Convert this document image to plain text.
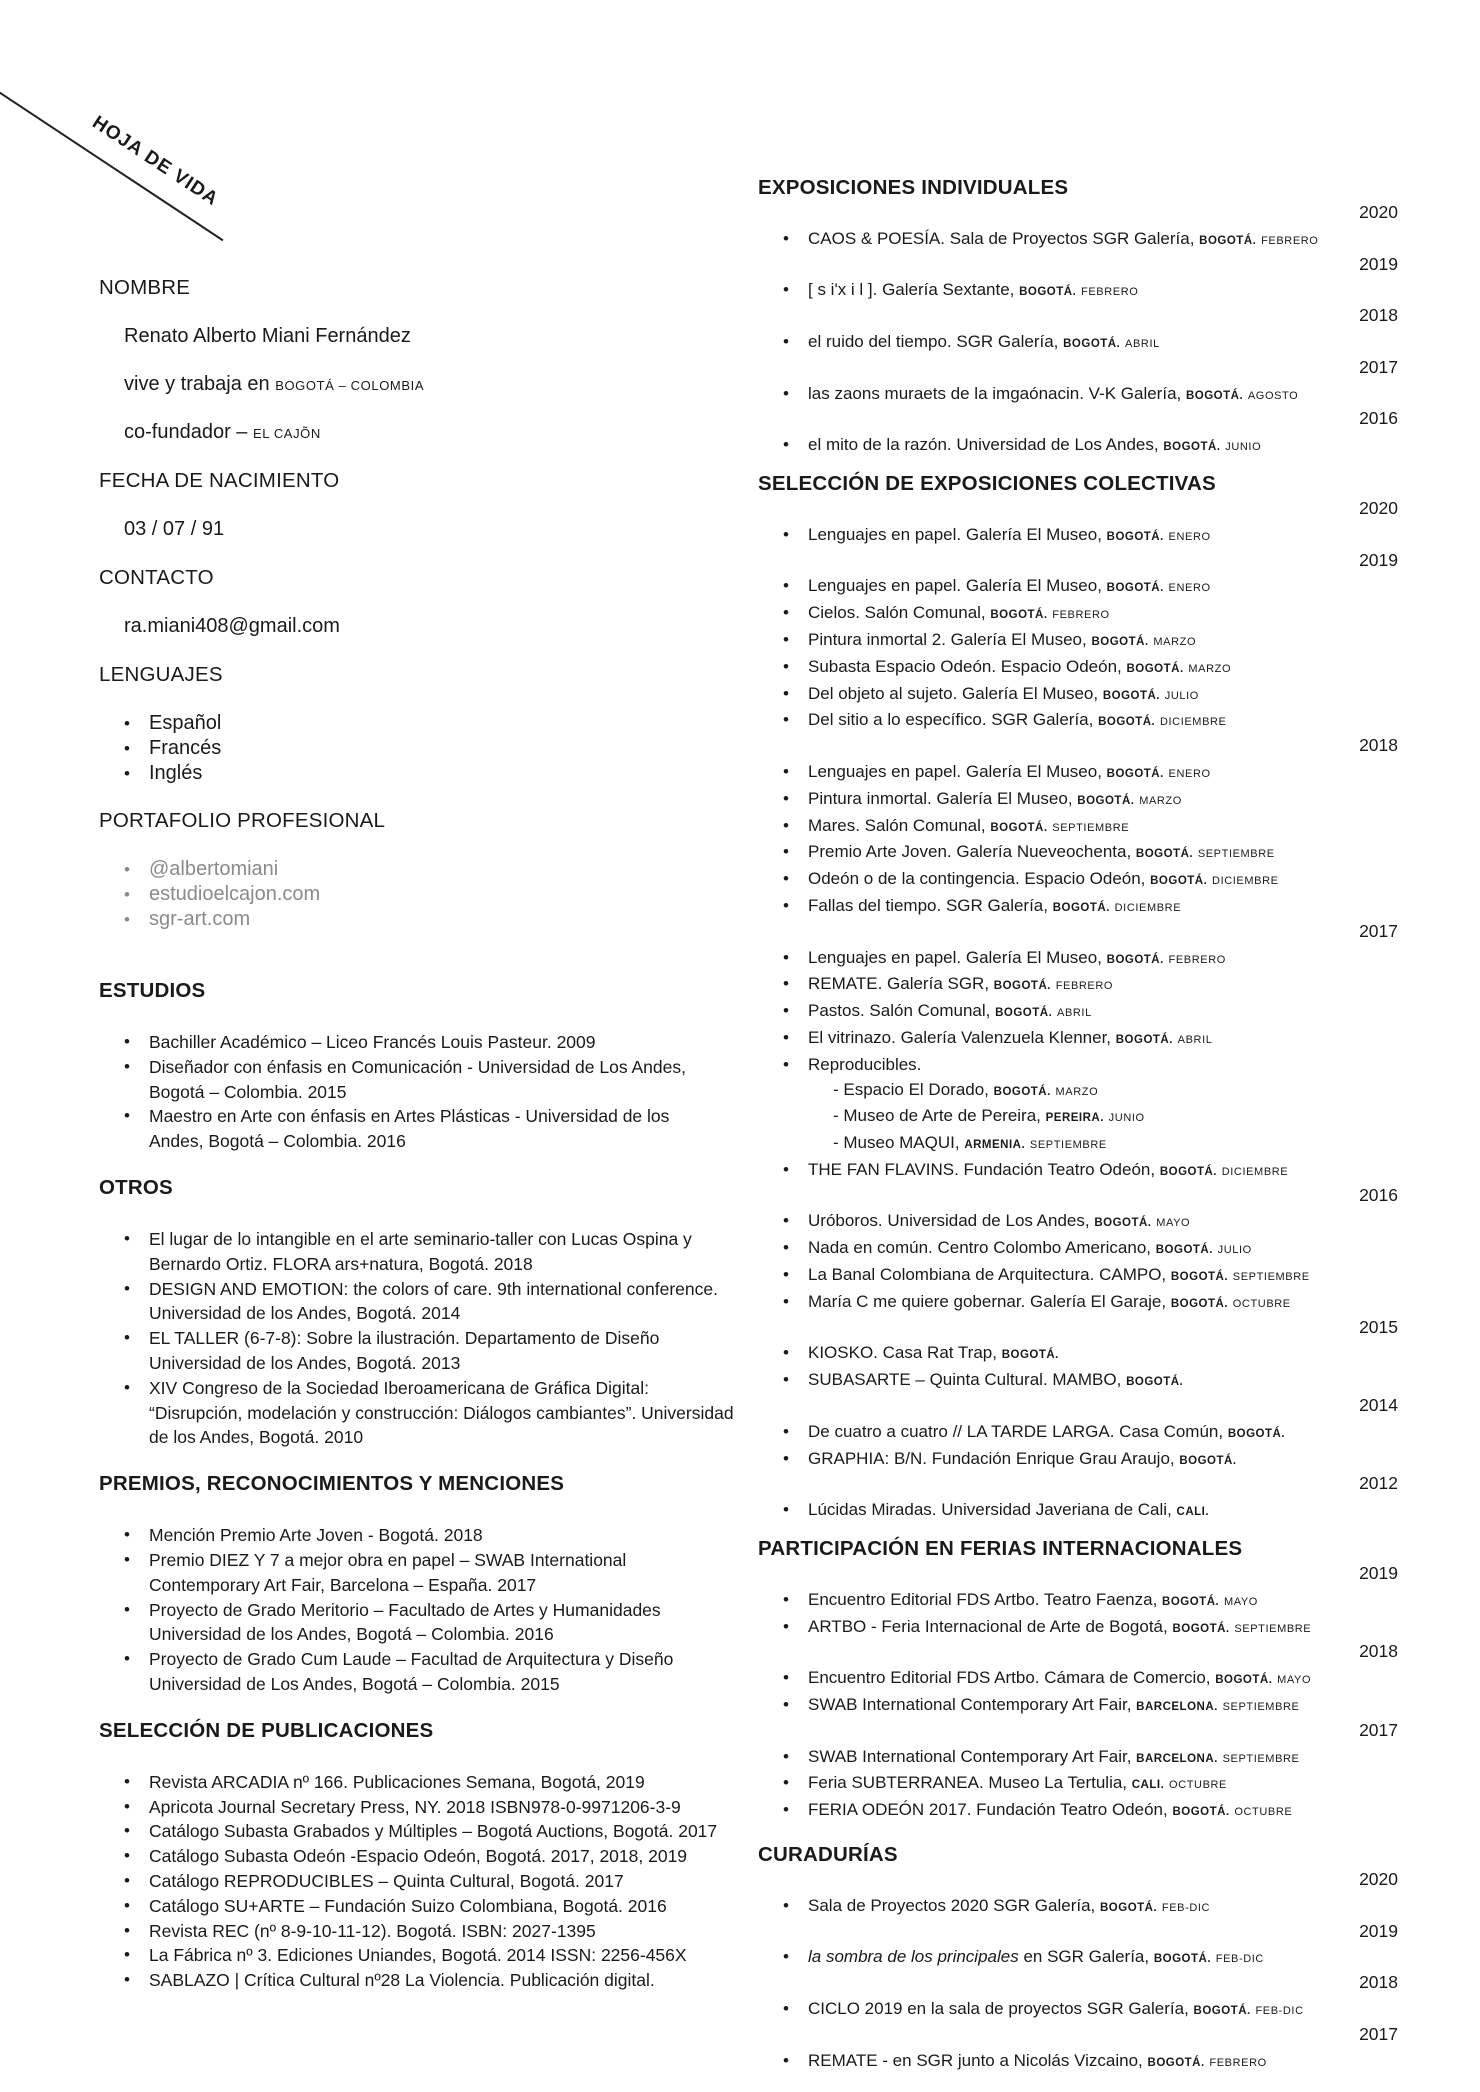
HOJA DE VIDA
NOMBRE
Renato Alberto Miani Fernández
vive y trabaja en BOGOTÁ – COLOMBIA
co-fundador – EL CAJÕN
FECHA DE NACIMIENTO
03 / 07 / 91
CONTACTO
ra.miani408@gmail.com
LENGUAJES
• Español
• Francés
• Inglés
PORTAFOLIO PROFESIONAL
• @albertomiani
• estudioelcajon.com
• sgr-art.com
ESTUDIOS
• Bachiller Académico – Liceo Francés Louis Pasteur. 2009
• Diseñador con énfasis en Comunicación - Universidad de Los Andes, Bogotá – Colombia. 2015
• Maestro en Arte con énfasis en Artes Plásticas - Universidad de los Andes, Bogotá – Colombia. 2016
OTROS
• El lugar de lo intangible en el arte seminario-taller con Lucas Ospina y Bernardo Ortiz. FLORA ars+natura, Bogotá. 2018
• DESIGN AND EMOTION: the colors of care. 9th international conference. Universidad de los Andes, Bogotá. 2014
• EL TALLER (6-7-8): Sobre la ilustración. Departamento de Diseño Universidad de los Andes, Bogotá. 2013
• XIV Congreso de la Sociedad Iberoamericana de Gráfica Digital: “Disrupción, modelación y construcción: Diálogos cambiantes”. Universidad de los Andes, Bogotá. 2010
PREMIOS, RECONOCIMIENTOS Y MENCIONES
• Mención Premio Arte Joven - Bogotá. 2018
• Premio DIEZ Y 7 a mejor obra en papel – SWAB International Contemporary Art Fair, Barcelona – España. 2017
• Proyecto de Grado Meritorio – Facultado de Artes y Humanidades Universidad de los Andes, Bogotá – Colombia. 2016
• Proyecto de Grado Cum Laude – Facultad de Arquitectura y Diseño Universidad de Los Andes, Bogotá – Colombia. 2015
SELECCIÓN DE PUBLICACIONES
• Revista ARCADIA nº 166. Publicaciones Semana, Bogotá, 2019
• Apricota Journal Secretary Press, NY. 2018 ISBN978-0-9971206-3-9
• Catálogo Subasta Grabados y Múltiples – Bogotá Auctions, Bogotá. 2017
• Catálogo Subasta Odeón -Espacio Odeón, Bogotá. 2017, 2018, 2019
• Catálogo REPRODUCIBLES – Quinta Cultural, Bogotá. 2017
• Catálogo SU+ARTE – Fundación Suizo Colombiana, Bogotá. 2016
• Revista REC (nº 8-9-10-11-12). Bogotá. ISBN: 2027-1395
• La Fábrica nº 3. Ediciones Uniandes, Bogotá. 2014 ISSN: 2256-456X
• SABLAZO | Crítica Cultural nº28 La Violencia. Publicación digital.
EXPOSICIONES INDIVIDUALES
2020
• CAOS & POESÍA. Sala de Proyectos SGR Galería, BOGOTÁ. FEBRERO
2019
• [ s i'x i l ]. Galería Sextante, BOGOTÁ. FEBRERO
2018
• el ruido del tiempo. SGR Galería, BOGOTÁ. ABRIL
2017
• las zaons muraets de la imgaónacin. V-K Galería, BOGOTÁ. AGOSTO
2016
• el mito de la razón. Universidad de Los Andes, BOGOTÁ. JUNIO
SELECCIÓN DE EXPOSICIONES COLECTIVAS
2020
• Lenguajes en papel. Galería El Museo, BOGOTÁ. ENERO
2019
• Lenguajes en papel. Galería El Museo, BOGOTÁ. ENERO
• Cielos. Salón Comunal, BOGOTÁ. FEBRERO
• Pintura inmortal 2. Galería El Museo, BOGOTÁ. MARZO
• Subasta Espacio Odeón. Espacio Odeón, BOGOTÁ. MARZO
• Del objeto al sujeto. Galería El Museo, BOGOTÁ. JULIO
• Del sitio a lo específico. SGR Galería, BOGOTÁ. DICIEMBRE
2018
• Lenguajes en papel. Galería El Museo, BOGOTÁ. ENERO
• Pintura inmortal. Galería El Museo, BOGOTÁ. MARZO
• Mares. Salón Comunal, BOGOTÁ. SEPTIEMBRE
• Premio Arte Joven. Galería Nueveochenta, BOGOTÁ. SEPTIEMBRE
• Odeón o de la contingencia. Espacio Odeón, BOGOTÁ. DICIEMBRE
• Fallas del tiempo. SGR Galería, BOGOTÁ. DICIEMBRE
2017
• Lenguajes en papel. Galería El Museo, BOGOTÁ. FEBRERO
• REMATE. Galería SGR, BOGOTÁ. FEBRERO
• Pastos. Salón Comunal, BOGOTÁ. ABRIL
• El vitrinazo. Galería Valenzuela Klenner, BOGOTÁ. ABRIL
• Reproducibles.
- Espacio El Dorado, BOGOTÁ. MARZO
- Museo de Arte de Pereira, PEREIRA. JUNIO
- Museo MAQUI, ARMENIA. SEPTIEMBRE
• THE FAN FLAVINS. Fundación Teatro Odeón, BOGOTÁ. DICIEMBRE
2016
• Uróboros. Universidad de Los Andes, BOGOTÁ. MAYO
• Nada en común. Centro Colombo Americano, BOGOTÁ. JULIO
• La Banal Colombiana de Arquitectura. CAMPO, BOGOTÁ. SEPTIEMBRE
• María C me quiere gobernar. Galería El Garaje, BOGOTÁ. OCTUBRE
2015
• KIOSKO. Casa Rat Trap, BOGOTÁ.
• SUBASARTE – Quinta Cultural. MAMBO, BOGOTÁ.
2014
• De cuatro a cuatro // LA TARDE LARGA. Casa Común, BOGOTÁ.
• GRAPHIA: B/N. Fundación Enrique Grau Araujo, BOGOTÁ.
2012
• Lúcidas Miradas. Universidad Javeriana de Cali, CALI.
PARTICIPACIÓN EN FERIAS INTERNACIONALES
2019
• Encuentro Editorial FDS Artbo. Teatro Faenza, BOGOTÁ. MAYO
• ARTBO - Feria Internacional de Arte de Bogotá, BOGOTÁ. SEPTIEMBRE
2018
• Encuentro Editorial FDS Artbo. Cámara de Comercio, BOGOTÁ. MAYO
• SWAB International Contemporary Art Fair, BARCELONA. SEPTIEMBRE
2017
• SWAB International Contemporary Art Fair, BARCELONA. SEPTIEMBRE
• Feria SUBTERRANEA. Museo La Tertulia, CALI. OCTUBRE
• FERIA ODEÓN 2017. Fundación Teatro Odeón, BOGOTÁ. OCTUBRE
CURADURÍAS
2020
• Sala de Proyectos 2020 SGR Galería, BOGOTÁ. FEB-DIC
2019
• la sombra de los principales en SGR Galería, BOGOTÁ. FEB-DIC
2018
• CICLO 2019 en la sala de proyectos SGR Galería, BOGOTÁ. FEB-DIC
2017
• REMATE - en SGR junto a Nicolás Vizcaino, BOGOTÁ. FEBRERO
